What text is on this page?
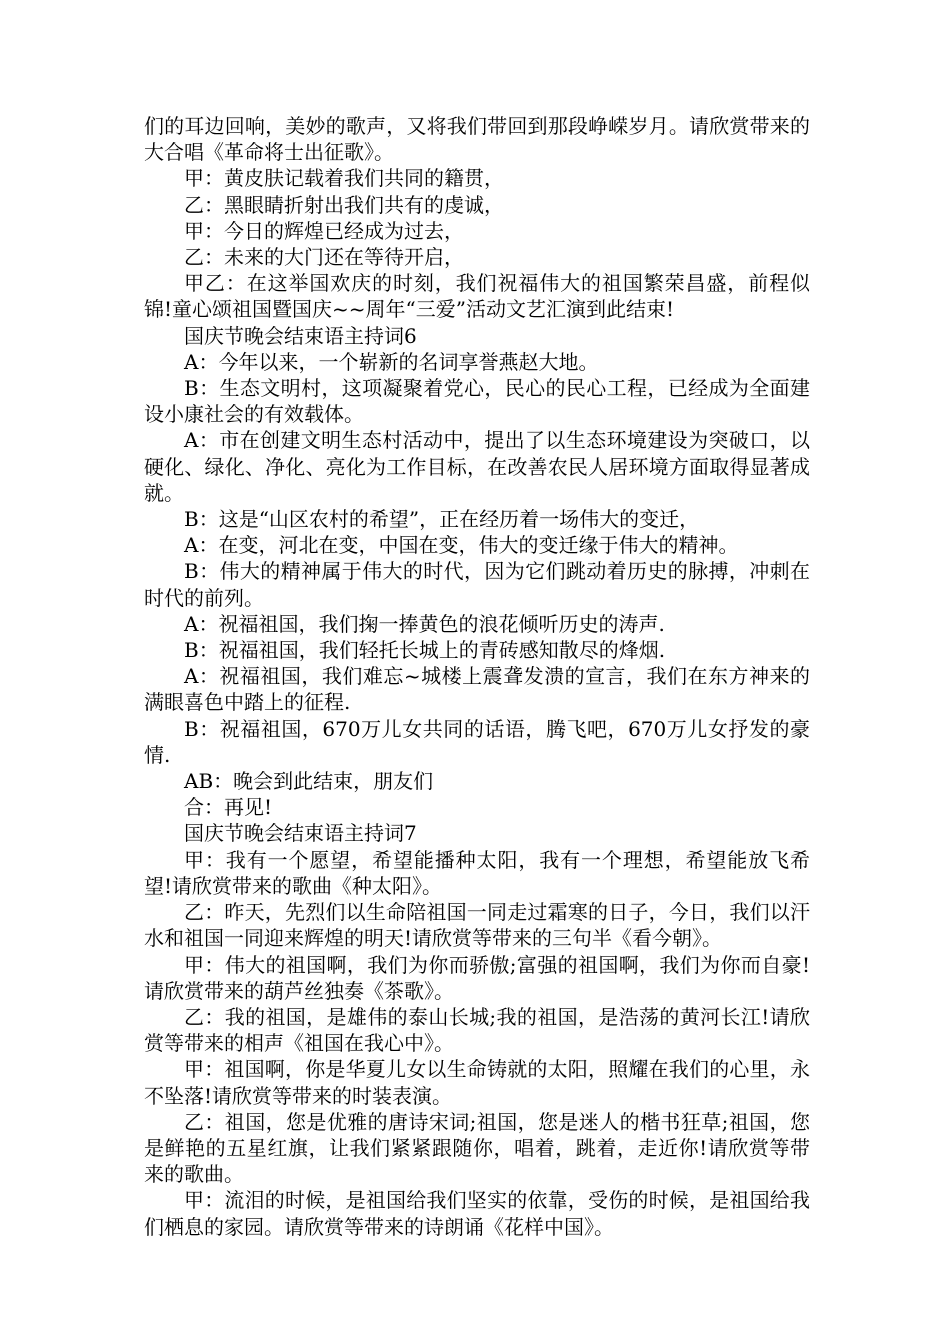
们的耳边回响，美妙的歌声，又将我们带回到那段峥嵘岁月。请欣赏带来的大合唱《革命将士出征歌》。

甲：黄皮肤记载着我们共同的籍贯，

乙：黑眼睛折射出我们共有的虔诚，

甲：今日的辉煌已经成为过去，

乙：未来的大门还在等待开启，

甲乙：在这举国欢庆的时刻，我们祝福伟大的祖国繁荣昌盛，前程似锦!童心颂祖国暨国庆~~周年“三爱”活动文艺汇演到此结束!

国庆节晚会结束语主持词6

A：今年以来，一个崭新的名词享誉燕赵大地。

B：生态文明村，这项凝聚着党心，民心的民心工程，已经成为全面建设小康社会的有效载体。

A：市在创建文明生态村活动中，提出了以生态环境建设为突破口，以硬化、绿化、净化、亮化为工作目标，在改善农民人居环境方面取得显著成就。

B：这是“山区农村的希望”，正在经历着一场伟大的变迁，

A：在变，河北在变，中国在变，伟大的变迁缘于伟大的精神。

B：伟大的精神属于伟大的时代，因为它们跳动着历史的脉搏，冲刺在时代的前列。

A：祝福祖国，我们掬一捧黄色的浪花倾听历史的涛声.

B：祝福祖国，我们轻托长城上的青砖感知散尽的烽烟.

A：祝福祖国，我们难忘~城楼上震聋发溃的宣言，我们在东方神来的满眼喜色中踏上的征程.

B：祝福祖国，670万儿女共同的话语，腾飞吧，670万儿女抒发的豪情.

AB：晚会到此结束，朋友们

合：再见!

国庆节晚会结束语主持词7

甲：我有一个愿望，希望能播种太阳，我有一个理想，希望能放飞希望!请欣赏带来的歌曲《种太阳》。

乙：昨天，先烈们以生命陪祖国一同走过霜寒的日子，今日，我们以汗水和祖国一同迎来辉煌的明天!请欣赏等带来的三句半《看今朝》。

甲：伟大的祖国啊，我们为你而骄傲;富强的祖国啊，我们为你而自豪!请欣赏带来的葫芦丝独奏《茶歌》。

乙：我的祖国，是雄伟的泰山长城;我的祖国，是浩荡的黄河长江!请欣赏等带来的相声《祖国在我心中》。

甲：祖国啊，你是华夏儿女以生命铸就的太阳，照耀在我们的心里，永不坠落!请欣赏等带来的时装表演。

乙：祖国，您是优雅的唐诗宋词;祖国，您是迷人的楷书狂草;祖国，您是鲜艳的五星红旗，让我们紧紧跟随你，唱着，跳着，走近你!请欣赏等带来的歌曲。

甲：流泪的时候，是祖国给我们坚实的依靠，受伤的时候，是祖国给我们栖息的家园。请欣赏等带来的诗朗诵《花样中国》。
